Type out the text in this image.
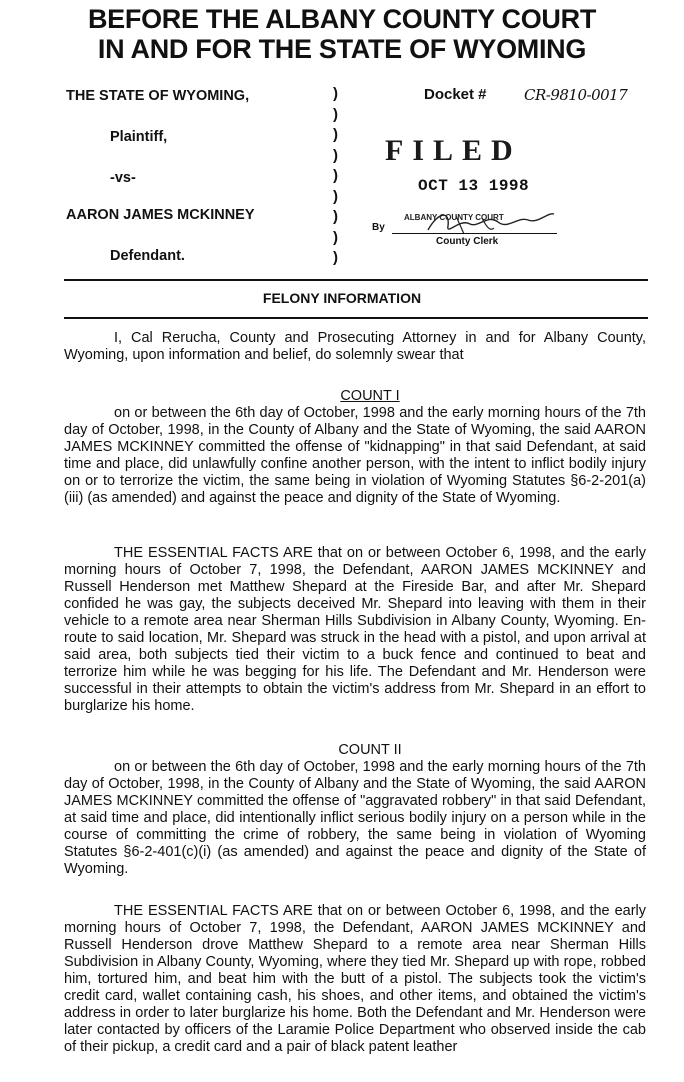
BEFORE THE ALBANY COUNTY COURT
IN AND FOR THE STATE OF WYOMING
THE STATE OF WYOMING,
Plaintiff,
-vs-
AARON JAMES MCKINNEY
Defendant.
)
)
)
)
)
)
)
)
)
Docket # CR-9810-0017
FILED
OCT 13 1998
ALBANY COUNTY COURT
By
County Clerk
FELONY INFORMATION
I, Cal Rerucha, County and Prosecuting Attorney in and for Albany County, Wyoming, upon information and belief, do solemnly swear that
COUNT I
on or between the 6th day of October, 1998 and the early morning hours of the 7th day of October, 1998, in the County of Albany and the State of Wyoming, the said AARON JAMES MCKINNEY committed the offense of "kidnapping" in that said Defendant, at said time and place, did unlawfully confine another person, with the intent to inflict bodily injury on or to terrorize the victim, the same being in violation of Wyoming Statutes §6-2-201(a)(iii) (as amended) and against the peace and dignity of the State of Wyoming.
THE ESSENTIAL FACTS ARE that on or between October 6, 1998, and the early morning hours of October 7, 1998, the Defendant, AARON JAMES MCKINNEY and Russell Henderson met Matthew Shepard at the Fireside Bar, and after Mr. Shepard confided he was gay, the subjects deceived Mr. Shepard into leaving with them in their vehicle to a remote area near Sherman Hills Subdivision in Albany County, Wyoming. En-route to said location, Mr. Shepard was struck in the head with a pistol, and upon arrival at said area, both subjects tied their victim to a buck fence and continued to beat and terrorize him while he was begging for his life. The Defendant and Mr. Henderson were successful in their attempts to obtain the victim's address from Mr. Shepard in an effort to burglarize his home.
COUNT II
on or between the 6th day of October, 1998 and the early morning hours of the 7th day of October, 1998, in the County of Albany and the State of Wyoming, the said AARON JAMES MCKINNEY committed the offense of "aggravated robbery" in that said Defendant, at said time and place, did intentionally inflict serious bodily injury on a person while in the course of committing the crime of robbery, the same being in violation of Wyoming Statutes §6-2-401(c)(i) (as amended) and against the peace and dignity of the State of Wyoming.
THE ESSENTIAL FACTS ARE that on or between October 6, 1998, and the early morning hours of October 7, 1998, the Defendant, AARON JAMES MCKINNEY and Russell Henderson drove Matthew Shepard to a remote area near Sherman Hills Subdivision in Albany County, Wyoming, where they tied Mr. Shepard up with rope, robbed him, tortured him, and beat him with the butt of a pistol. The subjects took the victim's credit card, wallet containing cash, his shoes, and other items, and obtained the victim's address in order to later burglarize his home. Both the Defendant and Mr. Henderson were later contacted by officers of the Laramie Police Department who observed inside the cab of their pickup, a credit card and a pair of black patent leather
